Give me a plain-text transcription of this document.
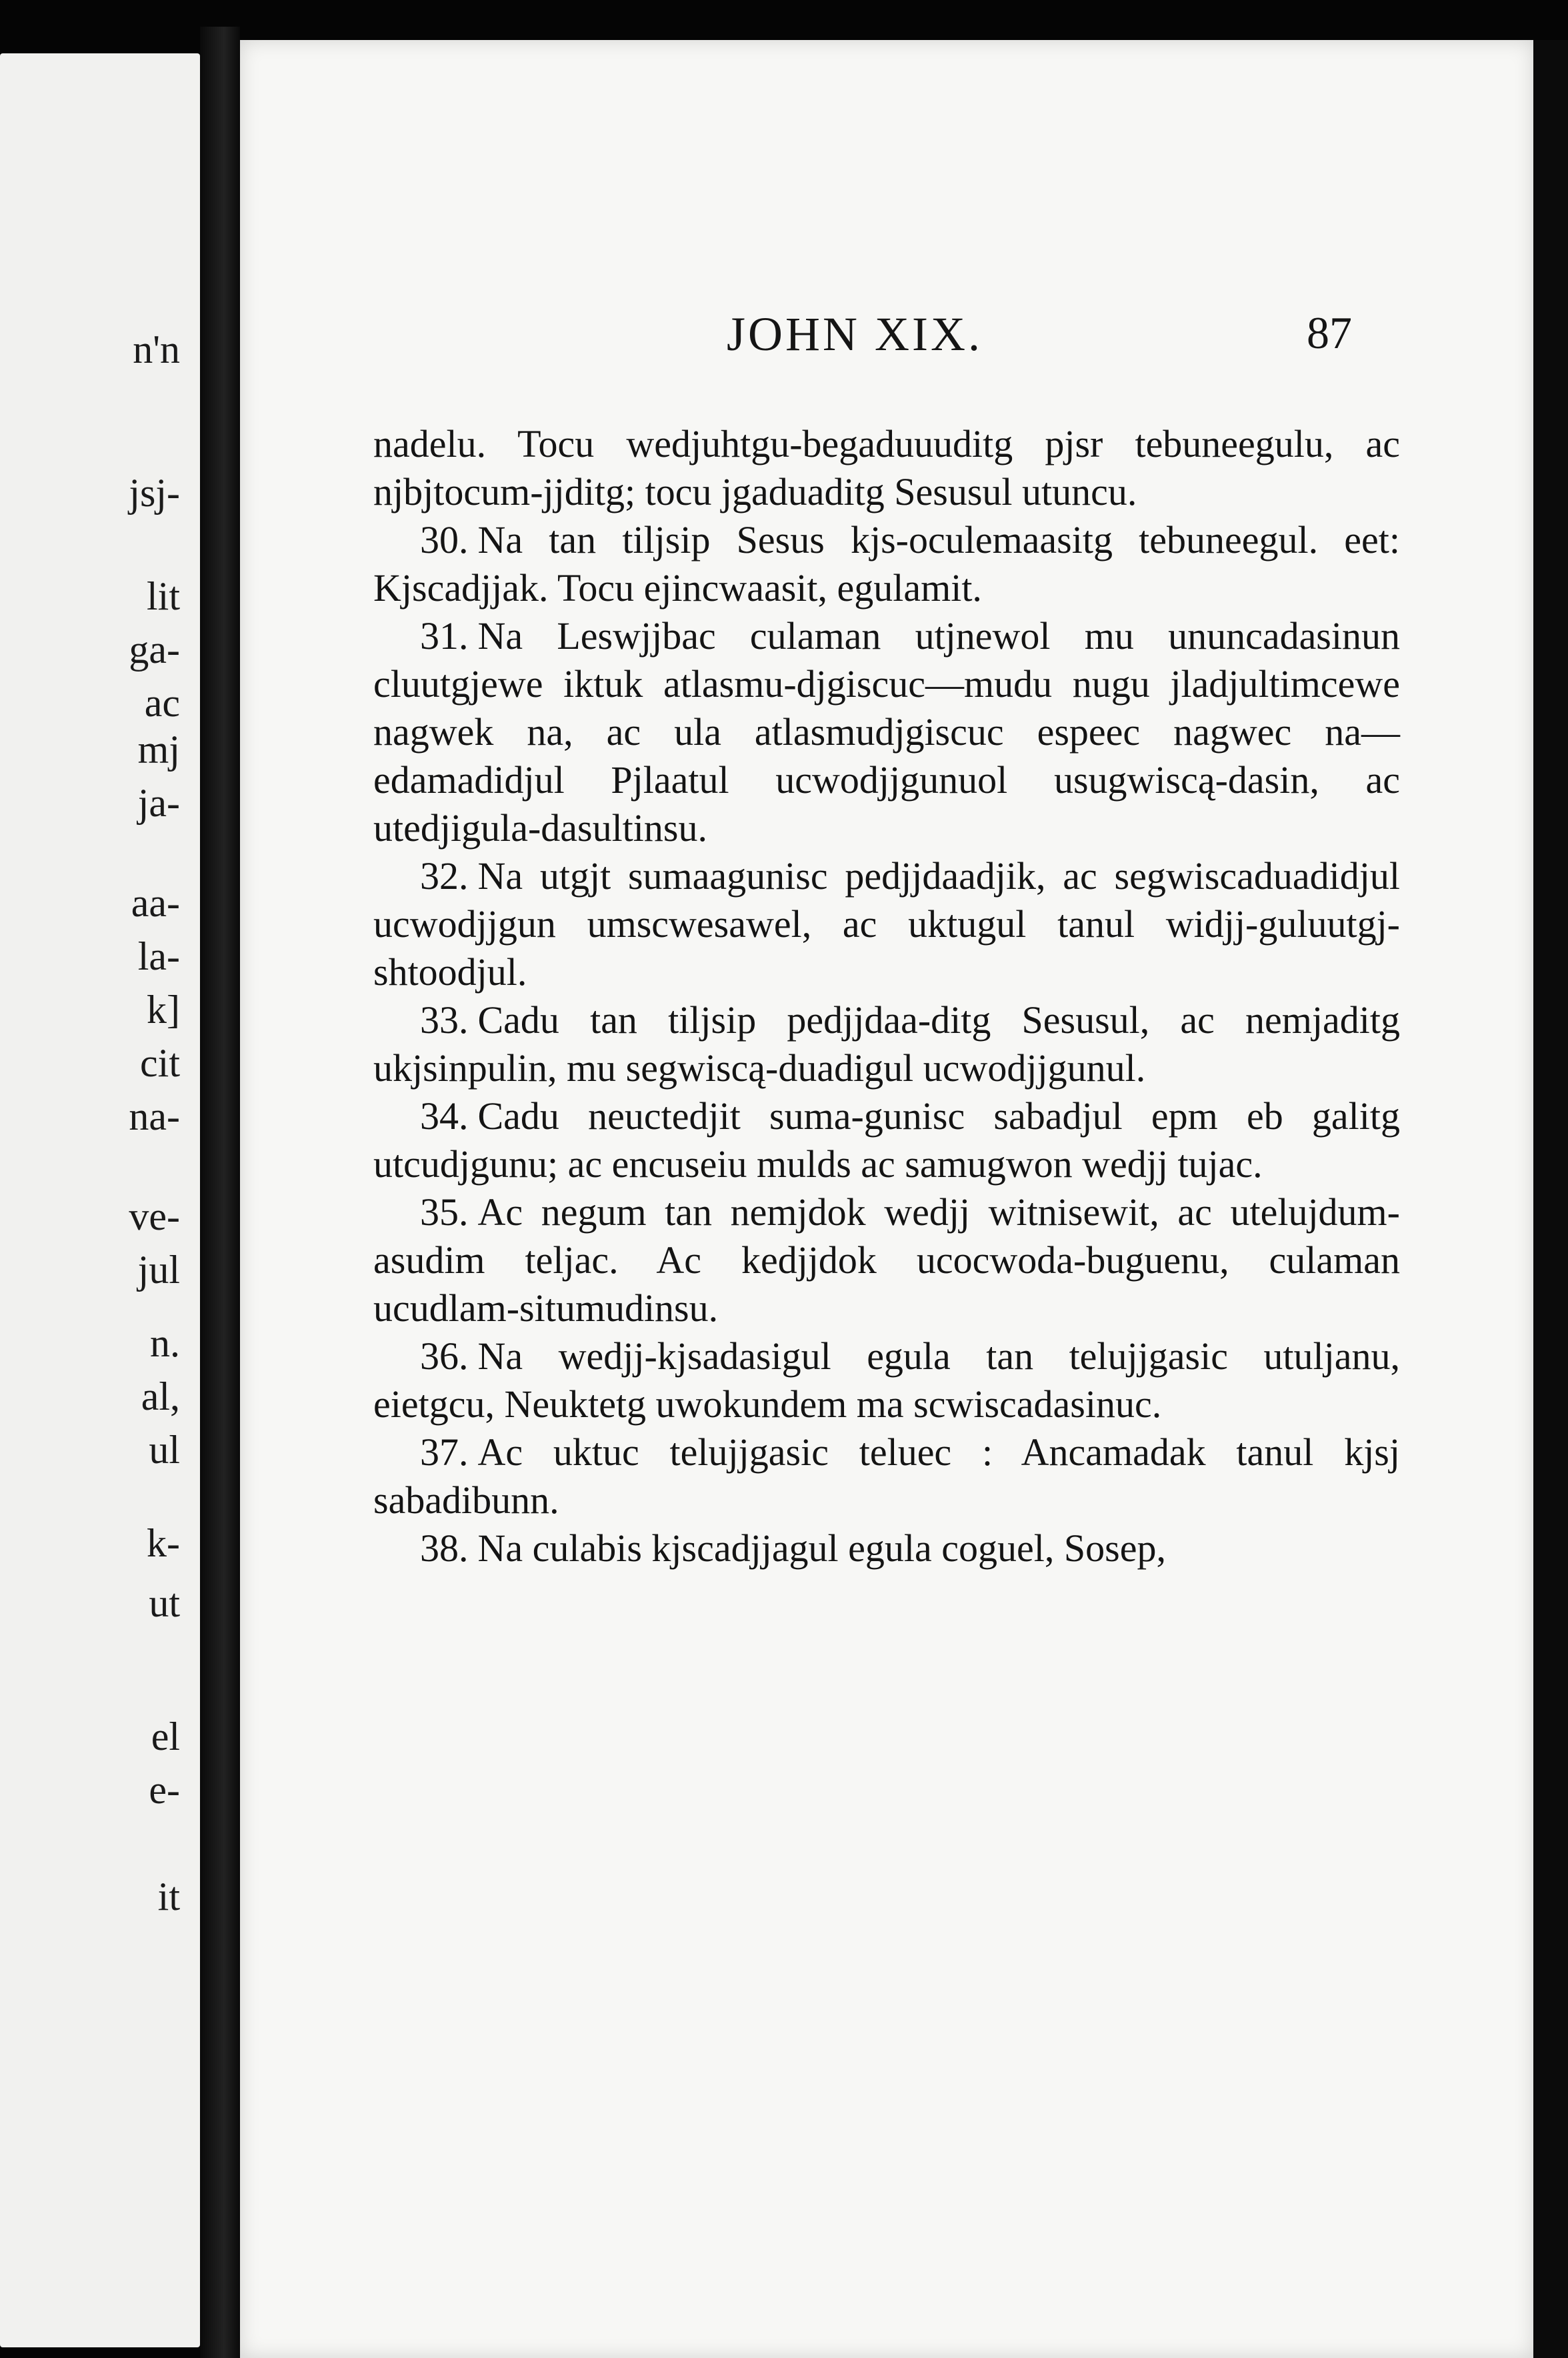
n'n
jsj-
lit
ga-
ac
mj
ja-
aa-
la-
k]
cit
na-
ve-
jul
n.
al,
ul
k-
ut
el
e-
it
JOHN XIX.	87

nadelu. Tocu wedjuhtgu-begaduuuditg pjsr tebuneegulu, ac njbjtocum-jjditg; tocu jgaduaditg Sesusul utuncu.

30. Na tan tiljsip Sesus kjs-oculemaasitg tebuneegul. eet: Kjscadjjak. Tocu ejincwaasit, egulamit.

31. Na Leswjjbac culaman utjnewol mu ununcadasinun cluutgjewe iktuk atlasmu-djgiscuc—mudu nugu jladjultimcewe nagwek na, ac ula atlasmudjgiscuc espeec nagwec na—edamadidjul Pjlaatul ucwodjjgunuol usugwiscą-dasin, ac utedjigula-dasultinsu.

32. Na utgjt sumaagunisc pedjjdaadjik, ac segwiscaduadidjul ucwodjjgun umscwesawel, ac uktugul tanul widjj-guluutgj-shtoodjul.

33. Cadu tan tiljsip pedjjdaa-ditg Sesusul, ac nemjaditg ukjsinpulin, mu segwiscą-duadigul ucwodjjgunul.

34. Cadu neuctedjit suma-gunisc sabadjul epm eb galitg utcudjgunu; ac encuseiu mulds ac samugwon wedjj tujac.

35. Ac negum tan nemjdok wedjj witnisewit, ac utelujdum-asudim teljac. Ac kedjjdok ucocwoda-buguenu, culaman ucudlam-situmudinsu.

36. Na wedjj-kjsadasigul egula tan telujjgasic utuljanu, eietgcu, Neuktetg uwokundem ma scwiscadasinuc.

37. Ac uktuc telujjgasic teluec : Ancamadak tanul kjsj sabadibunn.

38. Na culabis kjscadjjagul egula coguel, Sosep,
